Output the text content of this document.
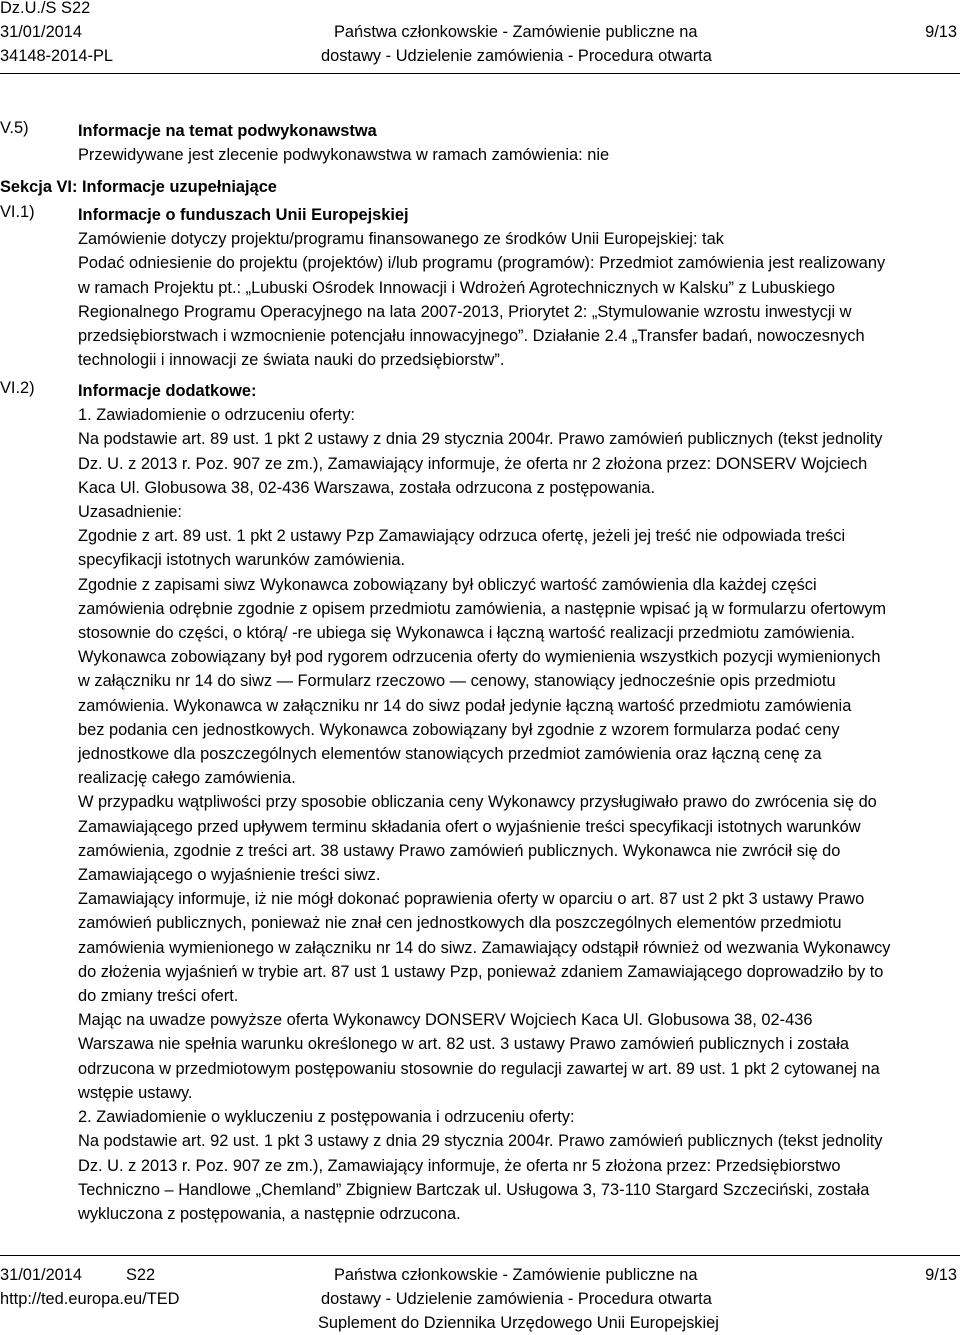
Dz.U./S S22
31/01/2014
34148-2014-PL
Państwa członkowskie - Zamówienie publiczne na
dostawy - Udzielenie zamówienia - Procedura otwarta
9/13
V.5)	Informacje na temat podwykonawstwa
Przewidywane jest zlecenie podwykonawstwa w ramach zamówienia: nie
Sekcja VI: Informacje uzupełniające
VI.1)	Informacje o funduszach Unii Europejskiej
Zamówienie dotyczy projektu/programu finansowanego ze środków Unii Europejskiej: tak
Podać odniesienie do projektu (projektów) i/lub programu (programów): Przedmiot zamówienia jest realizowany
w ramach Projektu pt.: „Lubuski Ośrodek Innowacji i Wdrożeń Agrotechnicznych w Kalsku” z Lubuskiego
Regionalnego Programu Operacyjnego na lata 2007-2013, Priorytet 2: „Stymulowanie wzrostu inwestycji w
przedsiębiorstwach i wzmocnienie potencjału innowacyjnego”. Działanie 2.4 „Transfer badań, nowoczesnych
technologii i innowacji ze świata nauki do przedsiębiorstw”.
VI.2)	Informacje dodatkowe:
1. Zawiadomienie o odrzuceniu oferty:
Na podstawie art. 89 ust. 1 pkt 2 ustawy z dnia 29 stycznia 2004r. Prawo zamówień publicznych (tekst jednolity
Dz. U. z 2013 r. Poz. 907 ze zm.), Zamawiający informuje, że oferta nr 2 złożona przez: DONSERV Wojciech
Kaca Ul. Globusowa 38, 02-436 Warszawa, została odrzucona z postępowania.
Uzasadnienie:
Zgodnie z art. 89 ust. 1 pkt 2 ustawy Pzp Zamawiający odrzuca ofertę, jeżeli jej treść nie odpowiada treści
specyfikacji istotnych warunków zamówienia.
Zgodnie z zapisami siwz Wykonawca zobowiązany był obliczyć wartość zamówienia dla każdej części
zamówienia odrębnie zgodnie z opisem przedmiotu zamówienia, a następnie wpisać ją w formularzu ofertowym
stosownie do części, o którą/ -re ubiega się Wykonawca i łączną wartość realizacji przedmiotu zamówienia.
Wykonawca zobowiązany był pod rygorem odrzucenia oferty do wymienienia wszystkich pozycji wymienionych
w załączniku nr 14 do siwz — Formularz rzeczowo — cenowy, stanowiący jednocześnie opis przedmiotu
zamówienia. Wykonawca w załączniku nr 14 do siwz podał jedynie łączną wartość przedmiotu zamówienia
bez podania cen jednostkowych. Wykonawca zobowiązany był zgodnie z wzorem formularza podać ceny
jednostkowe dla poszczególnych elementów stanowiących przedmiot zamówienia oraz łączną cenę za
realizację całego zamówienia.
W przypadku wątpliwości przy sposobie obliczania ceny Wykonawcy przysługiwało prawo do zwrócenia się do
Zamawiającego przed upływem terminu składania ofert o wyjaśnienie treści specyfikacji istotnych warunków
zamówienia, zgodnie z treści art. 38 ustawy Prawo zamówień publicznych. Wykonawca nie zwrócił się do
Zamawiającego o wyjaśnienie treści siwz.
Zamawiający informuje, iż nie mógł dokonać poprawienia oferty w oparciu o art. 87 ust 2 pkt 3 ustawy Prawo
zamówień publicznych, ponieważ nie znał cen jednostkowych dla poszczególnych elementów przedmiotu
zamówienia wymienionego w załączniku nr 14 do siwz. Zamawiający odstąpił również od wezwania Wykonawcy
do złożenia wyjaśnień w trybie art. 87 ust 1 ustawy Pzp, ponieważ zdaniem Zamawiającego doprowadziło by to
do zmiany treści ofert.
Mając na uwadze powyższe oferta Wykonawcy DONSERV Wojciech Kaca Ul. Globusowa 38, 02-436
Warszawa nie spełnia warunku określonego w art. 82 ust. 3 ustawy Prawo zamówień publicznych i została
odrzucona w przedmiotowym postępowaniu stosownie do regulacji zawartej w art. 89 ust. 1 pkt 2 cytowanej na
wstępie ustawy.
2. Zawiadomienie o wykluczeniu z postępowania i odrzuceniu oferty:
Na podstawie art. 92 ust. 1 pkt 3 ustawy z dnia 29 stycznia 2004r. Prawo zamówień publicznych (tekst jednolity
Dz. U. z 2013 r. Poz. 907 ze zm.), Zamawiający informuje, że oferta nr 5 złożona przez: Przedsiębiorstwo
Techniczno – Handlowe „Chemland” Zbigniew Bartczak ul. Usługowa 3, 73-110 Stargard Szczeciński, została
wykluczona z postępowania, a następnie odrzucona.
31/01/2014	S22
http://ted.europa.eu/TED
Państwa członkowskie - Zamówienie publiczne na
dostawy - Udzielenie zamówienia - Procedura otwarta
Suplement do Dziennika Urzędowego Unii Europejskiej
9/13
